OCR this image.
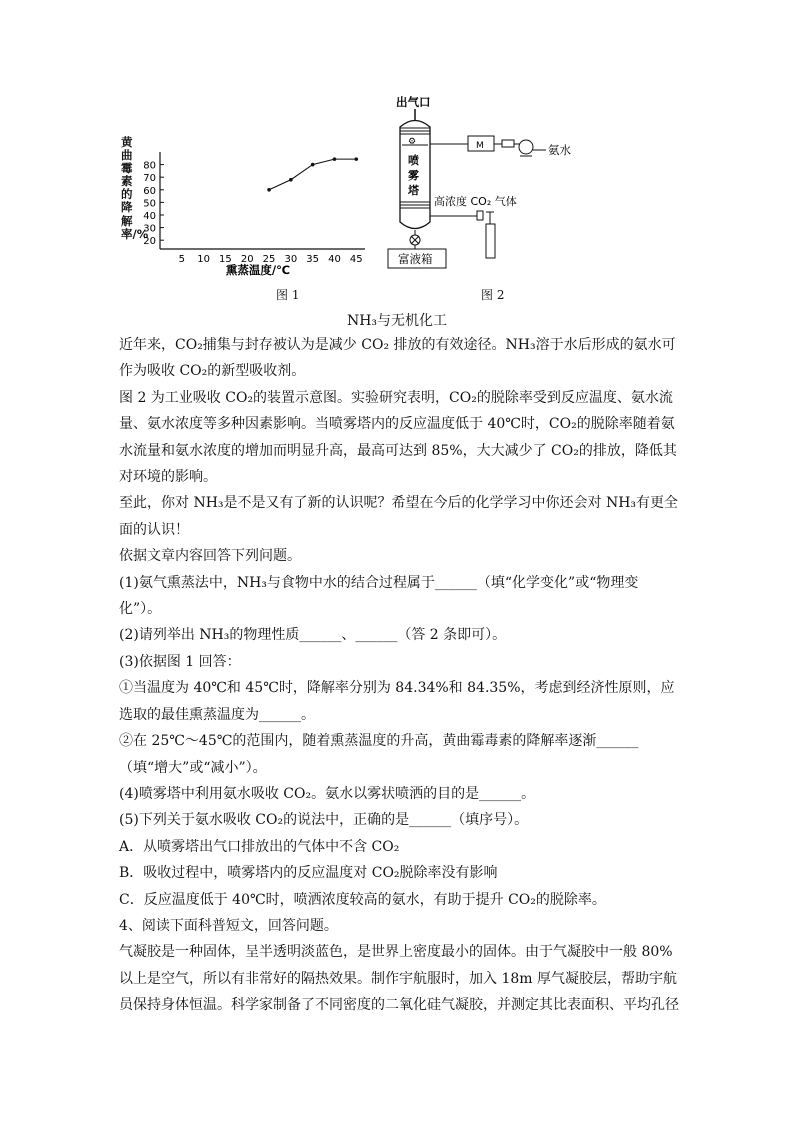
黄曲霉素的降解率/%
20
30
40
50
60
70
80
5 10 15 20 25 30 35 40 45
熏蒸温度/℃
图 1
出气口
⚙
喷
雾
塔
M	氨水
高浓度 CO₂ 气体
富液箱
图 2
NH₃与无机化工

近年来，CO₂捕集与封存被认为是减少 CO₂ 排放的有效途径。NH₃溶于水后形成的氨水可作为吸收 CO₂的新型吸收剂。

图 2 为工业吸收 CO₂的装置示意图。实验研究表明，CO₂的脱除率受到反应温度、氨水流量、氨水浓度等多种因素影响。当喷雾塔内的反应温度低于 40℃时，CO₂的脱除率随着氨水流量和氨水浓度的增加而明显升高，最高可达到 85%，大大减少了 CO₂的排放，降低其对环境的影响。

至此，你对 NH₃是不是又有了新的认识呢？希望在今后的化学学习中你还会对 NH₃有更全面的认识！

依据文章内容回答下列问题。

(1)氨气熏蒸法中，NH₃与食物中水的结合过程属于______（填“化学变化”或“物理变化”）。

(2)请列举出 NH₃的物理性质______、______（答 2 条即可）。

(3)依据图 1 回答：

①当温度为 40℃和 45℃时，降解率分别为 84.34%和 84.35%，考虑到经济性原则，应选取的最佳熏蒸温度为______。

②在 25℃～45℃的范围内，随着熏蒸温度的升高，黄曲霉毒素的降解率逐渐______（填“增大”或“减小”）。

(4)喷雾塔中利用氨水吸收 CO₂。氨水以雾状喷洒的目的是______。

(5)下列关于氨水吸收 CO₂的说法中，正确的是______（填序号）。

A．从喷雾塔出气口排放出的气体中不含 CO₂

B．吸收过程中，喷雾塔内的反应温度对 CO₂脱除率没有影响

C．反应温度低于 40℃时，喷洒浓度较高的氨水，有助于提升 CO₂的脱除率。

4、阅读下面科普短文，回答问题。

气凝胶是一种固体，呈半透明淡蓝色，是世界上密度最小的固体。由于气凝胶中一般 80%以上是空气，所以有非常好的隔热效果。制作宇航服时，加入 18m 厚气凝胶层，帮助宇航员保持身体恒温。科学家制备了不同密度的二氧化硅气凝胶，并测定其比表面积、平均孔径
